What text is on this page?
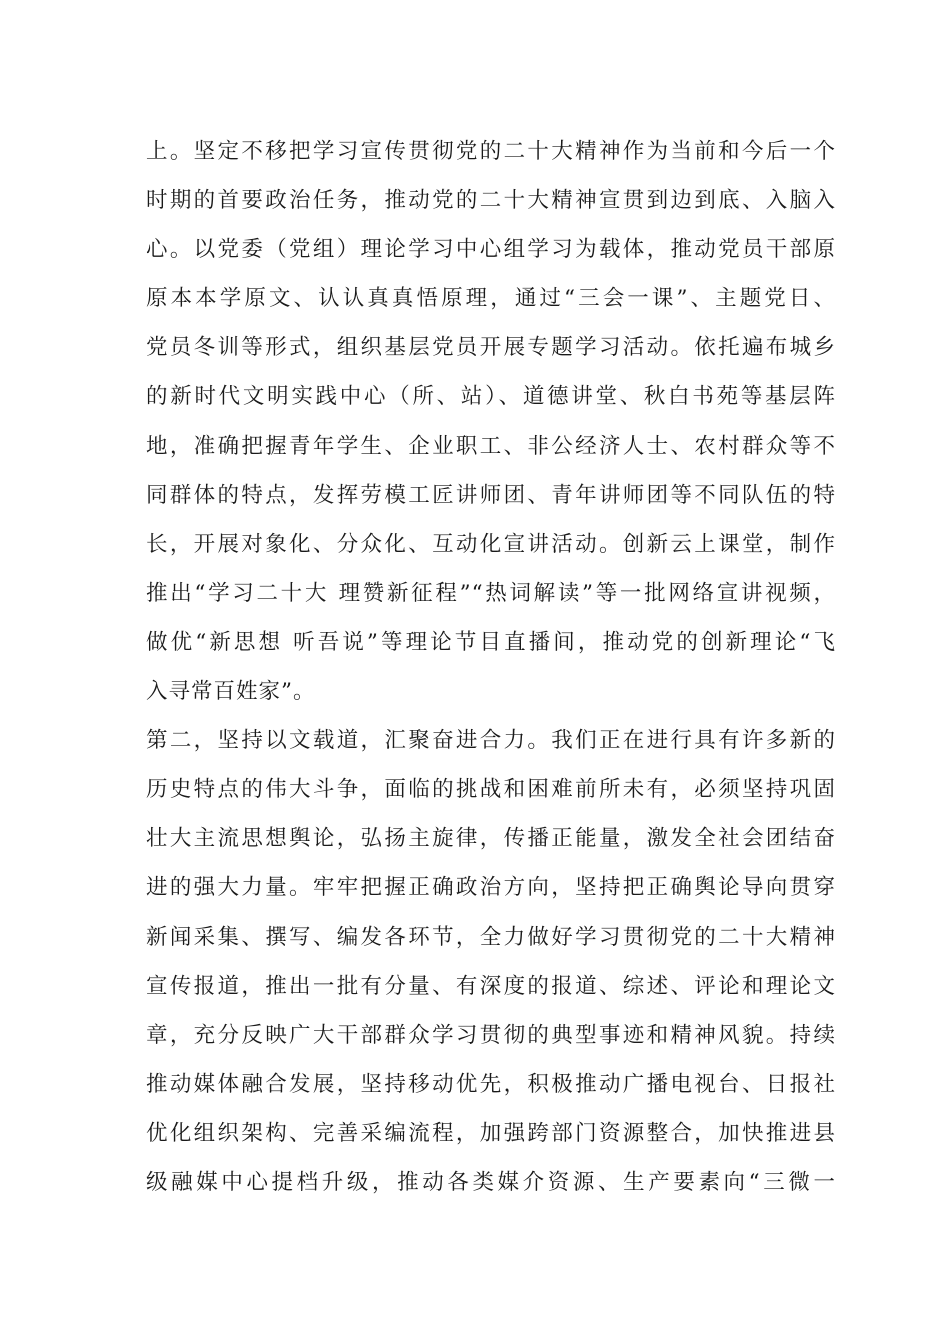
上。坚定不移把学习宣传贯彻党的二十大精神作为当前和今后一个
时期的首要政治任务，推动党的二十大精神宣贯到边到底、入脑入
心。以党委（党组）理论学习中心组学习为载体，推动党员干部原
原本本学原文、认认真真悟原理，通过“三会一课”、主题党日、
党员冬训等形式，组织基层党员开展专题学习活动。依托遍布城乡
的新时代文明实践中心（所、站）、道德讲堂、秋白书苑等基层阵
地，准确把握青年学生、企业职工、非公经济人士、农村群众等不
同群体的特点，发挥劳模工匠讲师团、青年讲师团等不同队伍的特
长，开展对象化、分众化、互动化宣讲活动。创新云上课堂，制作
推出“学习二十大 理赞新征程”“热词解读”等一批网络宣讲视频，
做优“新思想 听吾说”等理论节目直播间，推动党的创新理论“飞
入寻常百姓家”。
第二，坚持以文载道，汇聚奋进合力。我们正在进行具有许多新的
历史特点的伟大斗争，面临的挑战和困难前所未有，必须坚持巩固
壮大主流思想舆论，弘扬主旋律，传播正能量，激发全社会团结奋
进的强大力量。牢牢把握正确政治方向，坚持把正确舆论导向贯穿
新闻采集、撰写、编发各环节，全力做好学习贯彻党的二十大精神
宣传报道，推出一批有分量、有深度的报道、综述、评论和理论文
章，充分反映广大干部群众学习贯彻的典型事迹和精神风貌。持续
推动媒体融合发展，坚持移动优先，积极推动广播电视台、日报社
优化组织架构、完善采编流程，加强跨部门资源整合，加快推进县
级融媒中心提档升级，推动各类媒介资源、生产要素向“三微一
